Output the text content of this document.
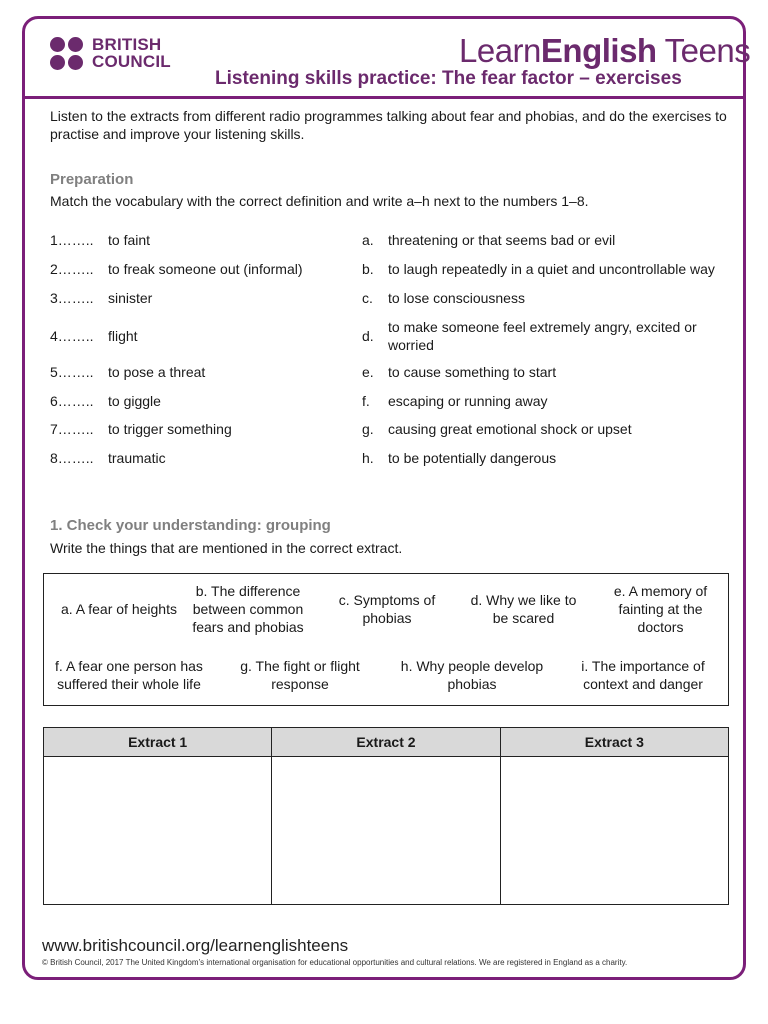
BRITISH
COUNCIL	LearnEnglish Teens
Listening skills practice: The fear factor – exercises
Listen to the extracts from different radio programmes talking about fear and phobias, and do the exercises to practise and improve your listening skills.
Preparation
Match the vocabulary with the correct definition and write a–h next to the numbers 1–8.
1…….. to faint	a. threatening or that seems bad or evil
2…….. to freak someone out (informal)	b. to laugh repeatedly in a quiet and uncontrollable way
3…….. sinister	c. to lose consciousness
4…….. flight	d.
to make someone feel extremely angry, excited or worried
5…….. to pose a threat	e. to cause something to start
6…….. to giggle	f. escaping or running away
7…….. to trigger something	g. causing great emotional shock or upset
8…….. traumatic	h. to be potentially dangerous
1. Check your understanding: grouping
Write the things that are mentioned in the correct extract.
a. A fear of heights
b. The difference between common fears and phobias
c. Symptoms of phobias
d. Why we like to be scared
e. A memory of fainting at the doctors
f. A fear one person has suffered their whole life
g. The fight or flight response
h. Why people develop phobias
i. The importance of context and danger
Extract 1	Extract 2	Extract 3

www.britishcouncil.org/learnenglishteens
© British Council, 2017 The United Kingdom’s international organisation for educational opportunities and cultural relations. We are registered in England as a charity.
